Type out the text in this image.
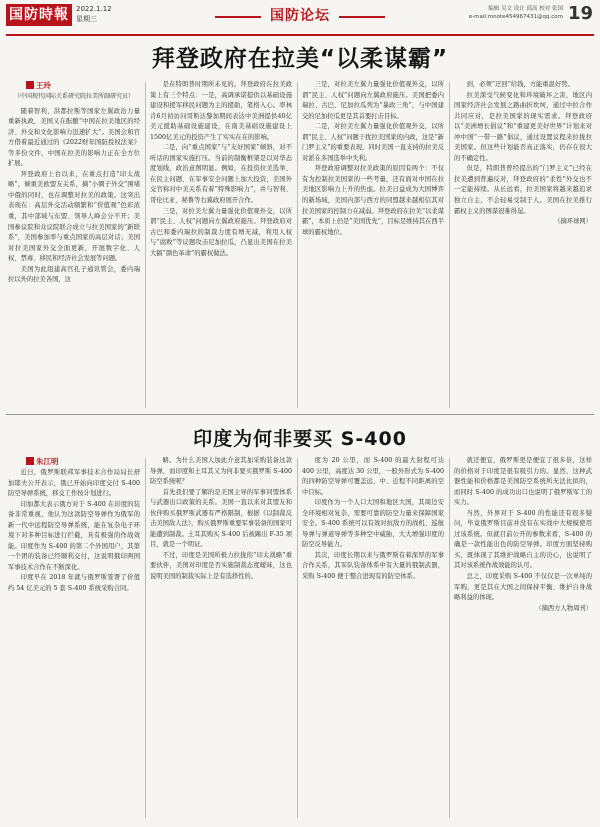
国防時報	2022.1.12
星期三	国防论坛	编辑 吴文 设计 邱高 校对 张国
e-mail:mnote454967431@qq.com 19
拜登政府在拉美“以柔谋霸”
王玲
（中国现代国际关系研究院拉美所副研究员）

随着智利、洪都拉斯等国家左翼政治力量重新执政，美国又在酝酿“中国在拉美地区的经济、外交和文化影响力迅速扩大”。美国会和官方借着最近通过的《2022财年国防授权法案》等多份文件，中国在拉美的影响力正在全方位扩展。

拜登政府上台以来，在重点打造“印太战略”，倾重美欧盟友关系，摘“小圈子外交”围堵中俄的同时，也在调整对拉美的政策。这突出表现在：高层外交活动频繁和“价值观”色彩浓重，其中部域与东盟、领导人峰会分不开；美国参议院和众议院联合成立与拉美国家的“新联系”，美国参加率与重点国家的高层对话；美国对拉美国家外交全面更新，开展数字化、人权、禁毒、移民和经济社会发展等问题。

美国为此组建高官孔子通讯管会，委内瑞拉以外的拉美各国，这

是在特朗普时期所未见的。拜登政府在拉美政策上有三个特点：一是，高调承诺提供以基础设施建设和援军移民问题为主的援助，笔格入心。率林肯6月初访问哥斯达黎加期间表达中美洲提供40亿美元援助基础设施建设，在南美基础设施建设上1500亿美元的投资产生了实实在在的影响。

二是，向“重点国家”与“友好国家”倾斜，对不听话的国家实施打压。当前的制衡框架是以对华态度划线，政治意图明显。例如，在投资拉美选举、在民主问题、在军事安全问题上加大投资，美国外交官称对中美关系有着“特殊影响力”，并与智利、哥伦比亚、秘鲁等右翼政府展开合作。

三是，对拉美左翼力量强化价值观外交，以所谓“民主、人权”问题向左翼政府施压。拜登政府对古巴和委内瑞拉的制裁力度有增无减，利用人权与“腐败”等议题攻击尼加拉瓜，凸显出美国在拉美大搞“颜色革命”的霸权做法。

三是，对拉美左翼力量强化价值观外交，以所谓“民主、人权”问题向左翼政府施压。美国把委内瑞拉、古巴、尼加拉瓜列为“暴政三角”，与中国建交的尼加拉瓜更是其首要打击目标。

二是，对拉美左翼力量强化价值观外交，以所谓“民主、人权”问题干扰拉美国家的内政，这是“新门罗主义”的重要表现，同时美国一直支持的拉美反对派在多国选举中失利。

拜登政府调整对拉美政策的原因有两个：不仅有为控制拉美国家的一些考量，还有面对中国在拉美地区影响力上升的焦虑。拉美日益成为大国博弈的新场域，美国内部与西方的同盟越来越相信其对拉美国家的控制力在减弱。拜登政府在拉美“以柔谋霸”，本质上仍是“美国优先”，目标是维持其在西半球的霸权地位。

到，必须“迂回”给钱，方能重温好势。

拉美深受气候变化和环境破坏之害，地区内国家经济社会发展之路曲折坎坷，通过中拉合作共同应对，是拉美国家的现实需求。拜登政府以“美洲增长倡议”和“重建更美好世界”计划来对冲中国“一带一路”倡议，通过设置议程来拉拢拉美国家。但这些计划能否真正落实，仍存在很大的不确定性。

但是，特朗普曾经提出的“门罗主义”已经在拉美遭到普遍反对，拜登政府的“柔性”外交也不一定能持续。从长远看，拉美国家将越来越追求独立自主，不会轻易受制于人。美国在拉美推行霸权主义的图谋很难得逞。

（摘环球网）

印度为何非要买 S-400
朱江明

近日，俄罗斯联邦军事技术合作局局长舒加耶夫公开表示，俄已开始向印度交付 S-400 防空导弹系统，移交工作按计划进行。

印加都大表示俄方对于 S-400 在印度的装备非常重视，他认为这款防空导弹作为俄军的新一代中远程防空导弹系统，能在复杂电子环境下对多种目标进行拦截，具有极强的作战效能。印度作为 S-400 的第二个外国用户，其第一个团的装备已经顺利交付，这说明俄印两国军事技术合作在不断深化。

印度早在 2018 年就与俄罗斯签署了价值约 54 亿美元的 5 套 S-400 系统采购合同。

略。为什么美国人加此介意其加采购装备这款导弹，而印度和土耳其又为何非要买俄罗斯 S-400 防空系统呢？

首先我们要了解的是美国主导的军事同盟体系与武器出口政策的关系。美国一直以来对其盟友和伙伴购买俄罗斯武器有严格限制，根据《以制裁反击美国敌人法》，购买俄罗斯重要军事装备的国家可能遭到制裁。土耳其购买 S-400 后被踢出 F-35 项目，就是一个明证。

不过，印度是美国所极力拉拢的“印太战略”重要伙伴，美国对印度是否实施制裁态度暧昧，这也说明美国的制裁实际上是有选择性的。

度为 20 公里，而 S-400 的最大射程可达 400 公里，高度达 30 公里，一般外形式为 S-400 的四种防空导弹可覆盖远、中、近程不同距离的空中目标。

印度作为一个人口大国和地区大国，其周边安全环境相对复杂，需要可靠的防空力量来保障国家安全。S-400 系统可以有效对抗敌方的战机、巡航导弹与弹道导弹等多种空中威胁，大大增强印度的防空反导能力。

其次，印度长期以来与俄罗斯有着深厚的军事合作关系，其军队装备体系中有大量的俄制武器，采购 S-400 便于整合进现有的防空体系。

就还便宜，俄罗斯更是便宜了很多倍，这样的价格对于印度是很有吸引力的。显然，这种武器性能和价格都是美国防空系统所无法比拟的，而同时 S-400 的成功出口也说明了俄罗斯军工的实力。

当然，外界对于 S-400 的性能还有很多疑问，毕竟俄罗斯目前并没有在实战中大规模使用过该系统。但就目前公开的参数来看，S-400 的确是一款性能出色的防空导弹。印度方面坚持购买，既体现了其维护战略自主的决心，也说明了其对该系统作战效能的认可。

总之，印度采购 S-400 不仅仅是一次单纯的军购，更是其在大国之间保持平衡、维护自身战略利益的体现。

（摘西方人物周刊）
